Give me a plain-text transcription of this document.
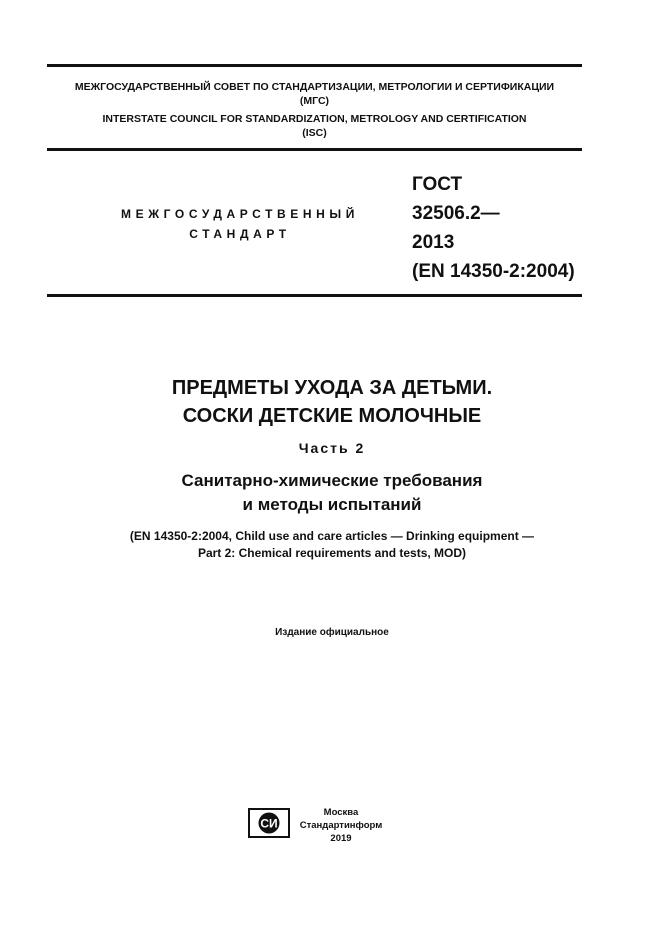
МЕЖГОСУДАРСТВЕННЫЙ СОВЕТ ПО СТАНДАРТИЗАЦИИ, МЕТРОЛОГИИ И СЕРТИФИКАЦИИ
(МГС)
INTERSTATE COUNCIL FOR STANDARDIZATION, METROLOGY AND CERTIFICATION
(ISC)
МЕЖГОСУДАРСТВЕННЫЙ
СТАНДАРТ
ГОСТ
32506.2—
2013
(EN 14350-2:2004)
ПРЕДМЕТЫ УХОДА ЗА ДЕТЬМИ.
СОСКИ ДЕТСКИЕ МОЛОЧНЫЕ
Часть 2
Санитарно-химические требования
и методы испытаний
(EN 14350-2:2004, Child use and care articles — Drinking equipment —
Part 2: Chemical requirements and tests, MOD)
Издание официальное
СИ
Москва
Стандартинформ
2019
